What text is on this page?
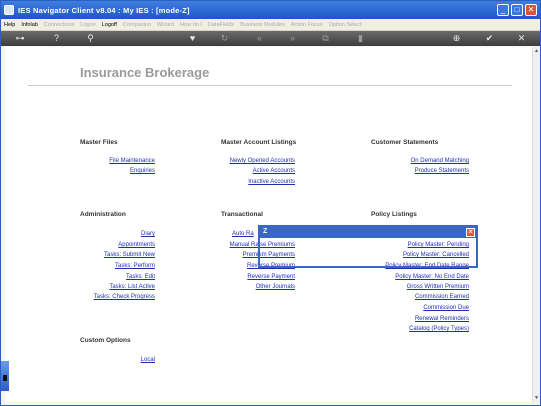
IES Navigator Client v8.04 : My IES : [mode-Z]	_	□	✕
Help	Infolab	Connections	Logon	Logoff	Companion	Wizard	How do I	DataFields	Business Modules	Action Focus	Option Select
⊶	?	⚲	♥	↻	«	»	⧉	▮	⊕	✔	✕
Insurance Brokerage
Master Files
File Maintenance
Enquiries
Master Account Listings
Newly Opened Accounts
Active Accounts
Inactive Accounts
Customer Statements
On Demand Matching
Produce Statements
Administration
Diary
Appointments
Tasks: Submit New
Tasks: Perform
Tasks: Edit
Tasks: List Active
Tasks: Check Progress
Transactional
Auto Ra
Manual Raise Premiums
Premium Payments
Reverse Premium
Reverse Payment
Other Journals
Policy Listings
Policy Master: Pending
Policy Master: Cancelled
Policy Master: End Date Range
Policy Master: No End Date
Gross Written Premium
Commission Earned
Commission Due
Renewal Reminders
Catalog (Policy Types)
Custom Options
Local
Z	✕
▲
▼
